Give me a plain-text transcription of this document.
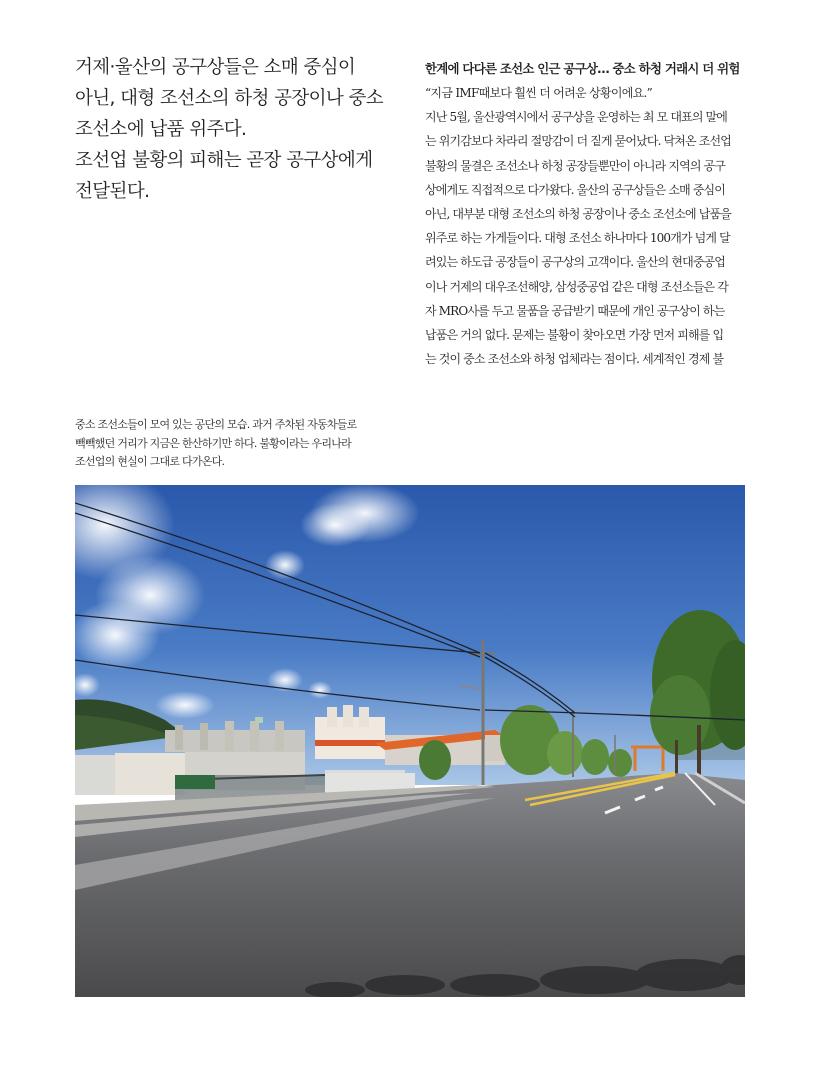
거제·울산의 공구상들은 소매 중심이

아닌, 대형 조선소의 하청 공장이나 중소

조선소에 납품 위주다.

조선업 불황의 피해는 곧장 공구상에게

전달된다.

한계에 다다른 조선소 인근 공구상… 중소 하청 거래시 더 위험

“지금 IMF때보다 훨씬 더 어려운 상황이에요.”
지난 5월, 울산광역시에서 공구상을 운영하는 최 모 대표의 말에
는 위기감보다 차라리 절망감이 더 짙게 묻어났다. 닥쳐온 조선업
불황의 물결은 조선소나 하청 공장들뿐만이 아니라 지역의 공구
상에게도 직접적으로 다가왔다. 울산의 공구상들은 소매 중심이
아닌, 대부분 대형 조선소의 하청 공장이나 중소 조선소에 납품을
위주로 하는 가게들이다. 대형 조선소 하나마다 100개가 넘게 달
려있는 하도급 공장들이 공구상의 고객이다. 울산의 현대중공업
이나 거제의 대우조선해양, 삼성중공업 같은 대형 조선소들은 각
자 MRO사를 두고 물품을 공급받기 때문에 개인 공구상이 하는
납품은 거의 없다. 문제는 불황이 찾아오면 가장 먼저 피해를 입
는 것이 중소 조선소와 하청 업체라는 점이다. 세계적인 경제 불
중소 조선소들이 모여 있는 공단의 모습. 과거 주차된 자동차들로
빽빽했던 거리가 지금은 한산하기만 하다. 불황이라는 우리나라
조선업의 현실이 그대로 다가온다.
